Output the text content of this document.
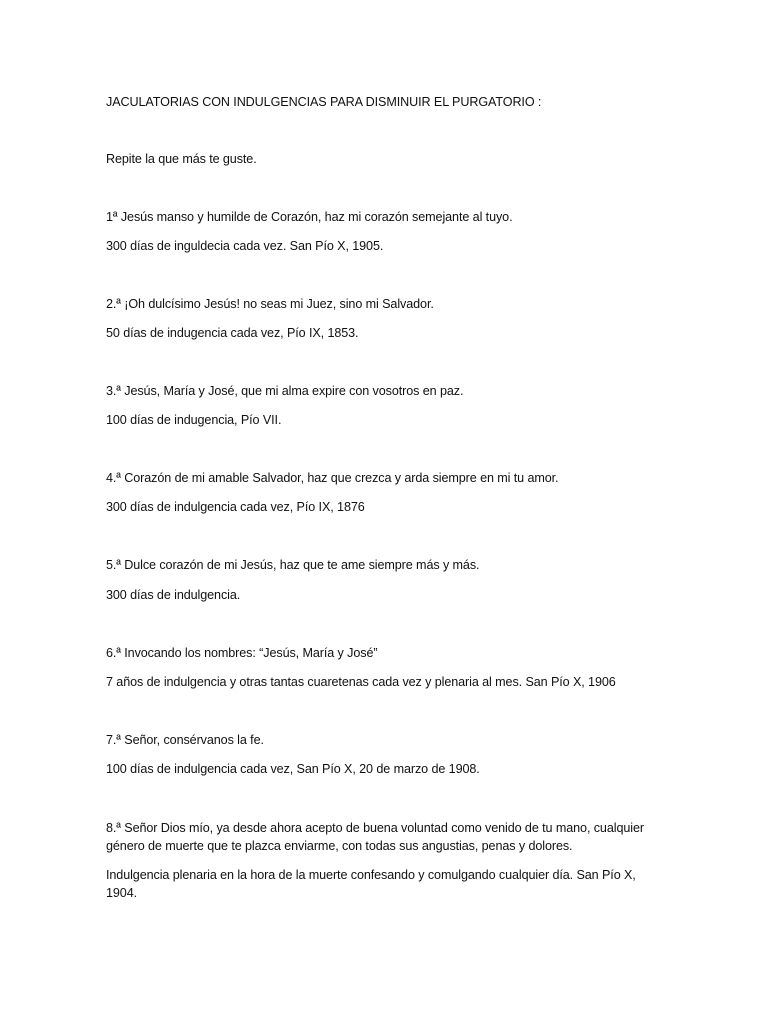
JACULATORIAS CON INDULGENCIAS PARA DISMINUIR EL PURGATORIO :

Repite la que más te guste.

1ª Jesús manso y humilde de Corazón, haz mi corazón semejante al tuyo.

300 días de inguldecia cada vez. San Pío X, 1905.

2.ª ¡Oh dulcísimo Jesús! no seas mi Juez, sino mi Salvador.

50 días de indugencia cada vez, Pío IX, 1853.

3.ª Jesús, María y José, que mi alma expire con vosotros en paz.

100 días de indugencia, Pío VII.

4.ª Corazón de mi amable Salvador, haz que crezca y arda siempre en mi tu amor.

300 días de indulgencia cada vez, Pío IX, 1876

5.ª Dulce corazón de mi Jesús, haz que te ame siempre más y más.

300 días de indulgencia.

6.ª Invocando los nombres: “Jesús, María y José”

7 años de indulgencia y otras tantas cuaretenas cada vez y plenaria al mes. San Pío X, 1906

7.ª Señor, consérvanos la fe.

100 días de indulgencia cada vez, San Pío X, 20 de marzo de 1908.

8.ª Señor Dios mío, ya desde ahora acepto de buena voluntad como venido de tu mano, cualquier género de muerte que te plazca enviarme, con todas sus angustias, penas y dolores.

Indulgencia plenaria en la hora de la muerte confesando y comulgando cualquier día. San Pío X, 1904.
